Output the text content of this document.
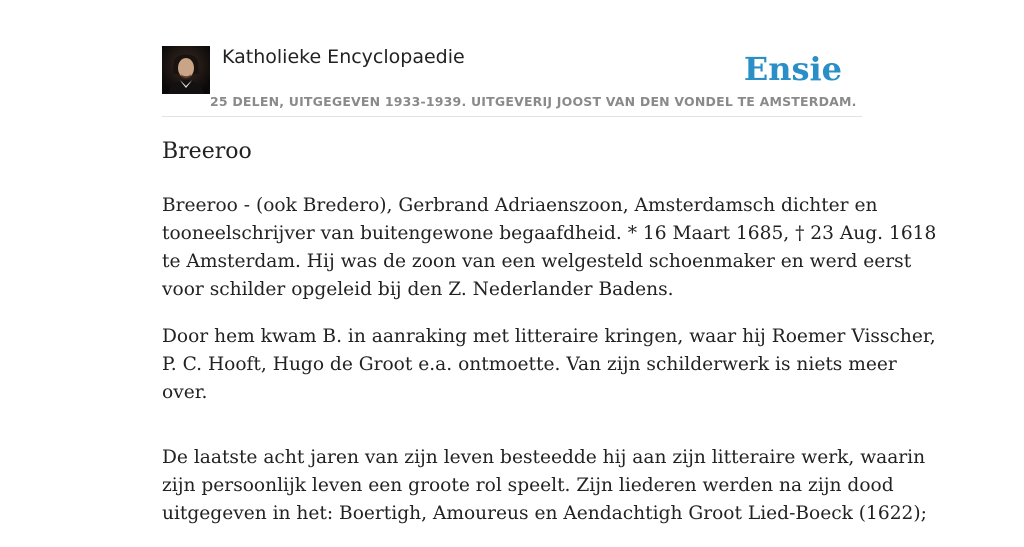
Katholieke Encyclopaedie
25 DELEN, UITGEGEVEN 1933-1939. UITGEVERIJ JOOST VAN DEN VONDEL TE AMSTERDAM.
Ensie
Breeroo

Breeroo - (ook Bredero), Gerbrand Adriaenszoon, Amsterdamsch dichter en
tooneelschrijver van buitengewone begaafdheid. * 16 Maart 1685, † 23 Aug. 1618
te Amsterdam. Hij was de zoon van een welgesteld schoenmaker en werd eerst
voor schilder opgeleid bij den Z. Nederlander Badens.

Door hem kwam B. in aanraking met litteraire kringen, waar hij Roemer Visscher,
P. C. Hooft, Hugo de Groot e.a. ontmoette. Van zijn schilderwerk is niets meer
over.

De laatste acht jaren van zijn leven besteedde hij aan zijn litteraire werk, waarin
zijn persoonlijk leven een groote rol speelt. Zijn liederen werden na zijn dood
uitgegeven in het: Boertigh, Amoureus en Aendachtigh Groot Lied-Boeck (1622);
